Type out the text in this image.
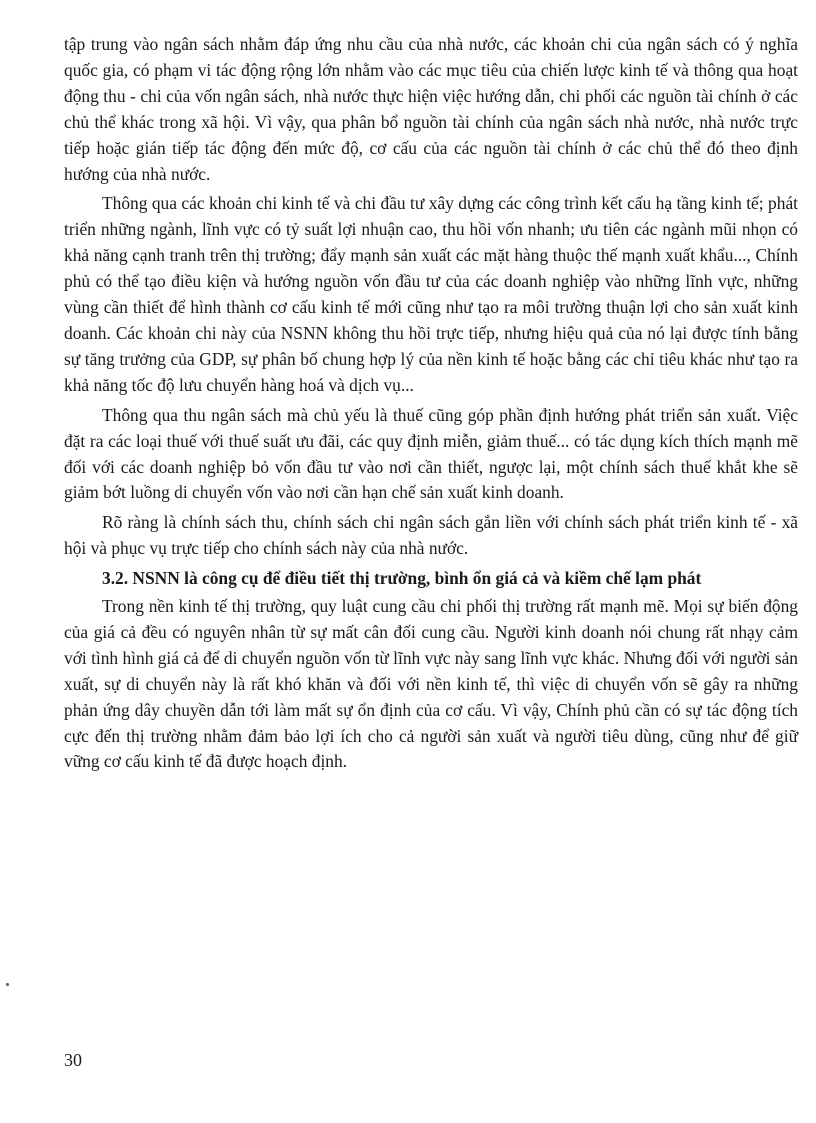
tập trung vào ngân sách nhằm đáp ứng nhu cầu của nhà nước, các khoản chi của ngân sách có ý nghĩa quốc gia, có phạm vi tác động rộng lớn nhằm vào các mục tiêu của chiến lược kinh tế và thông qua hoạt động thu - chi của vốn ngân sách, nhà nước thực hiện việc hướng dẫn, chi phối các nguồn tài chính ở các chủ thể khác trong xã hội. Vì vậy, qua phân bổ nguồn tài chính của ngân sách nhà nước, nhà nước trực tiếp hoặc gián tiếp tác động đến mức độ, cơ cấu của các nguồn tài chính ở các chủ thể đó theo định hướng của nhà nước.

Thông qua các khoản chi kinh tế và chi đầu tư xây dựng các công trình kết cấu hạ tầng kinh tế; phát triển những ngành, lĩnh vực có tỷ suất lợi nhuận cao, thu hồi vốn nhanh; ưu tiên các ngành mũi nhọn có khả năng cạnh tranh trên thị trường; đẩy mạnh sản xuất các mặt hàng thuộc thế mạnh xuất khẩu..., Chính phủ có thể tạo điều kiện và hướng nguồn vốn đầu tư của các doanh nghiệp vào những lĩnh vực, những vùng cần thiết để hình thành cơ cấu kinh tế mới cũng như tạo ra môi trường thuận lợi cho sản xuất kinh doanh. Các khoản chi này của NSNN không thu hồi trực tiếp, nhưng hiệu quả của nó lại được tính bằng sự tăng trưởng của GDP, sự phân bố chung hợp lý của nền kinh tế hoặc bằng các chỉ tiêu khác như tạo ra khả năng tốc độ lưu chuyển hàng hoá và dịch vụ...

Thông qua thu ngân sách mà chủ yếu là thuế cũng góp phần định hướng phát triển sản xuất. Việc đặt ra các loại thuế với thuế suất ưu đãi, các quy định miễn, giảm thuế... có tác dụng kích thích mạnh mẽ đối với các doanh nghiệp bỏ vốn đầu tư vào nơi cần thiết, ngược lại, một chính sách thuế khắt khe sẽ giảm bớt luồng di chuyển vốn vào nơi cần hạn chế sản xuất kinh doanh.

Rõ ràng là chính sách thu, chính sách chi ngân sách gắn liền với chính sách phát triển kinh tế - xã hội và phục vụ trực tiếp cho chính sách này của nhà nước.

3.2. NSNN là công cụ để điều tiết thị trường, bình ổn giá cả và kiềm chế lạm phát

Trong nền kinh tế thị trường, quy luật cung cầu chi phối thị trường rất mạnh mẽ. Mọi sự biến động của giá cả đều có nguyên nhân từ sự mất cân đối cung cầu. Người kinh doanh nói chung rất nhạy cảm với tình hình giá cả để di chuyển nguồn vốn từ lĩnh vực này sang lĩnh vực khác. Nhưng đối với người sản xuất, sự di chuyển này là rất khó khăn và đối với nền kinh tế, thì việc di chuyển vốn sẽ gây ra những phản ứng dây chuyền dẫn tới làm mất sự ổn định của cơ cấu. Vì vậy, Chính phủ cần có sự tác động tích cực đến thị trường nhằm đảm bảo lợi ích cho cả người sản xuất và người tiêu dùng, cũng như để giữ vững cơ cấu kinh tế đã được hoạch định.

30
